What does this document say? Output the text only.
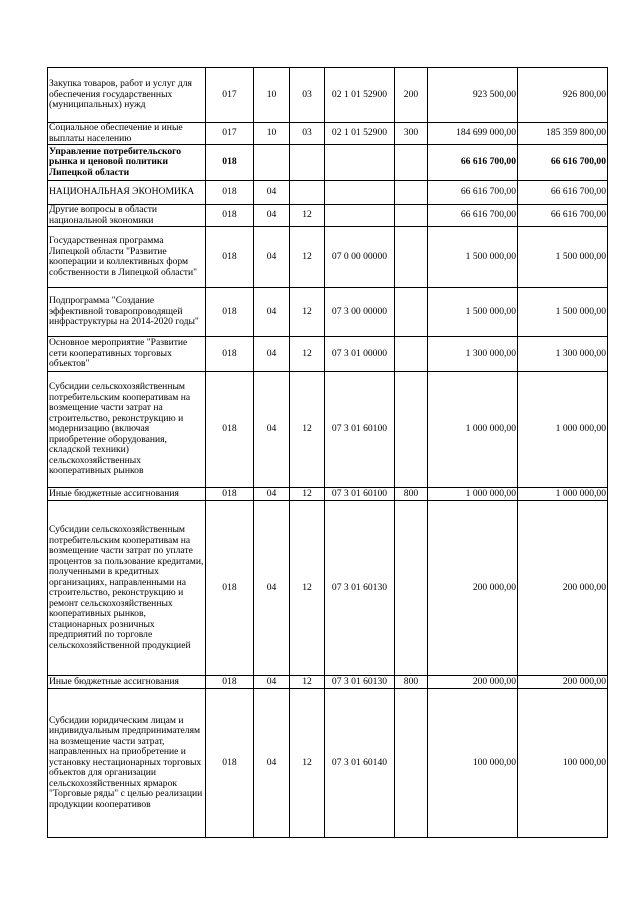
Закупка товаров, работ и услуг для обеспечения государственных (муниципальных) нужд	017	10	03	02 1 01 52900	200	923 500,00	926 800,00
Социальное обеспечение и иные выплаты населению	017	10	03	02 1 01 52900	300	184 699 000,00	185 359 800,00
Управление потребительского рынка и ценовой политики Липецкой области	018					66 616 700,00	66 616 700,00
НАЦИОНАЛЬНАЯ ЭКОНОМИКА	018	04				66 616 700,00	66 616 700,00
Другие вопросы в области национальной экономики	018	04	12			66 616 700,00	66 616 700,00
Государственная программа Липецкой области "Развитие кооперации и коллективных форм собственности в Липецкой области"	018	04	12	07 0 00 00000		1 500 000,00	1 500 000,00
Подпрограмма "Создание эффективной товаропроводящей инфраструктуры на 2014-2020 годы"	018	04	12	07 3 00 00000		1 500 000,00	1 500 000,00
Основное мероприятие "Развитие сети кооперативных торговых объектов"	018	04	12	07 3 01 00000		1 300 000,00	1 300 000,00
Субсидии сельскохозяйственным потребительским кооперативам на возмещение части затрат на строительство, реконструкцию и модернизацию (включая приобретение оборудования, складской техники) сельскохозяйственных кооперативных рынков	018	04	12	07 3 01 60100		1 000 000,00	1 000 000,00
Иные бюджетные ассигнования	018	04	12	07 3 01 60100	800	1 000 000,00	1 000 000,00
Субсидии сельскохозяйственным потребительским кооперативам на возмещение части затрат по уплате процентов за пользование кредитами, полученными в кредитных организациях, направленными на строительство, реконструкцию и ремонт сельскохозяйственных кооперативных рынков, стационарных розничных предприятий по торговле сельскохозяйственной продукцией	018	04	12	07 3 01 60130		200 000,00	200 000,00
Иные бюджетные ассигнования	018	04	12	07 3 01 60130	800	200 000,00	200 000,00
Субсидии юридическим лицам и индивидуальным предпринимателям на возмещение части затрат, направленных на приобретение и установку нестационарных торговых объектов для организации сельскохозяйственных ярмарок "Торговые ряды" с целью реализации продукции кооперативов	018	04	12	07 3 01 60140		100 000,00	100 000,00
